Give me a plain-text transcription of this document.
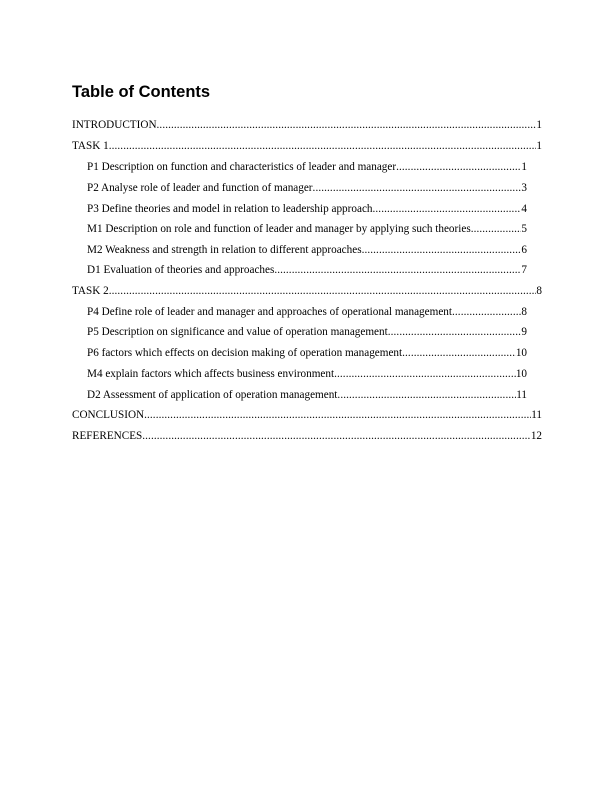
Table of Contents
INTRODUCTION .....	1
TASK 1 .....	1
P1 Description on function and characteristics of leader and manager .....	1
P2 Analyse role of leader and function of manager .....	3
P3 Define theories and model in relation to leadership approach .....	4
M1 Description on role and function of leader and manager by applying such theories .....	5
M2 Weakness and strength in relation to different approaches .....	6
D1 Evaluation of theories and approaches .....	7
TASK 2 .....	8
P4 Define role of leader and manager and approaches of operational management .....	8
P5 Description on significance and value of operation management .....	9
P6 factors which effects on decision making of operation management .....	10
M4 explain factors which affects business environment .....	10
D2 Assessment of application of operation management .....	11
CONCLUSION .....	11
REFERENCES .....	12
